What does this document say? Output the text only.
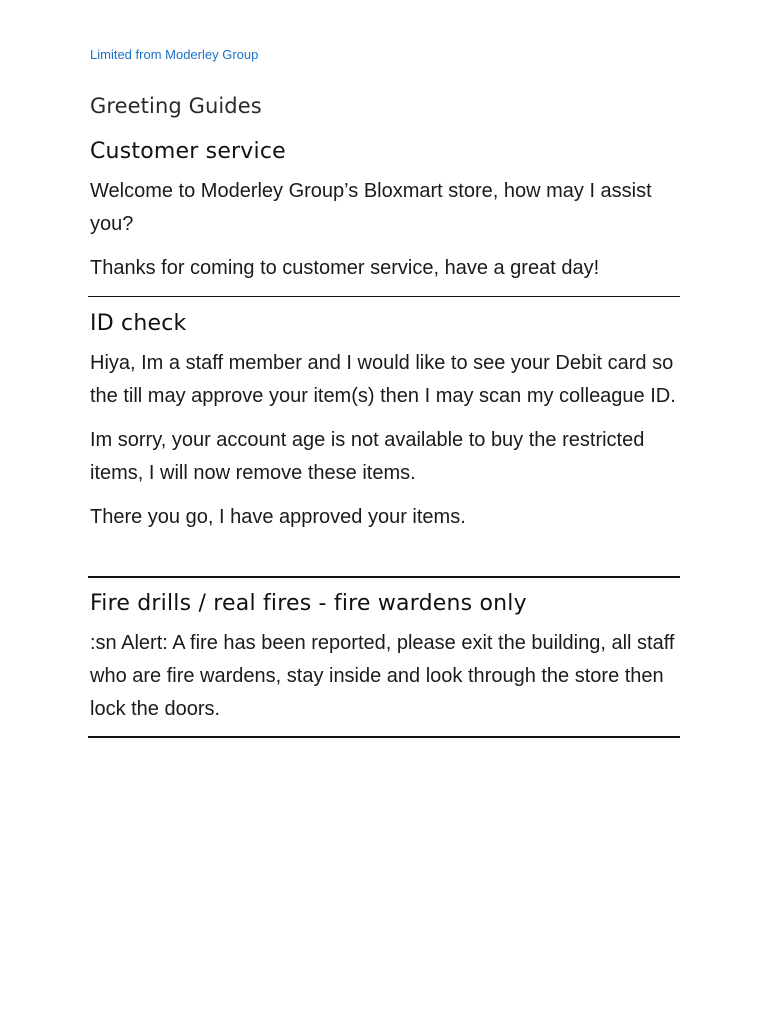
Limited from Moderley Group
Greeting Guides
Customer service

Welcome to Moderley Group’s Bloxmart store, how may I assist you?

Thanks for coming to customer service, have a great day!

ID check

Hiya, Im a staff member and I would like to see your Debit card so the till may approve your item(s) then I may scan my colleague ID.

Im sorry, your account age is not available to buy the restricted items, I will now remove these items.

There you go, I have approved your items.

Fire drills / real fires - fire wardens only

:sn Alert: A fire has been reported, please exit the building, all staff who are fire wardens, stay inside and look through the store then lock the doors.
